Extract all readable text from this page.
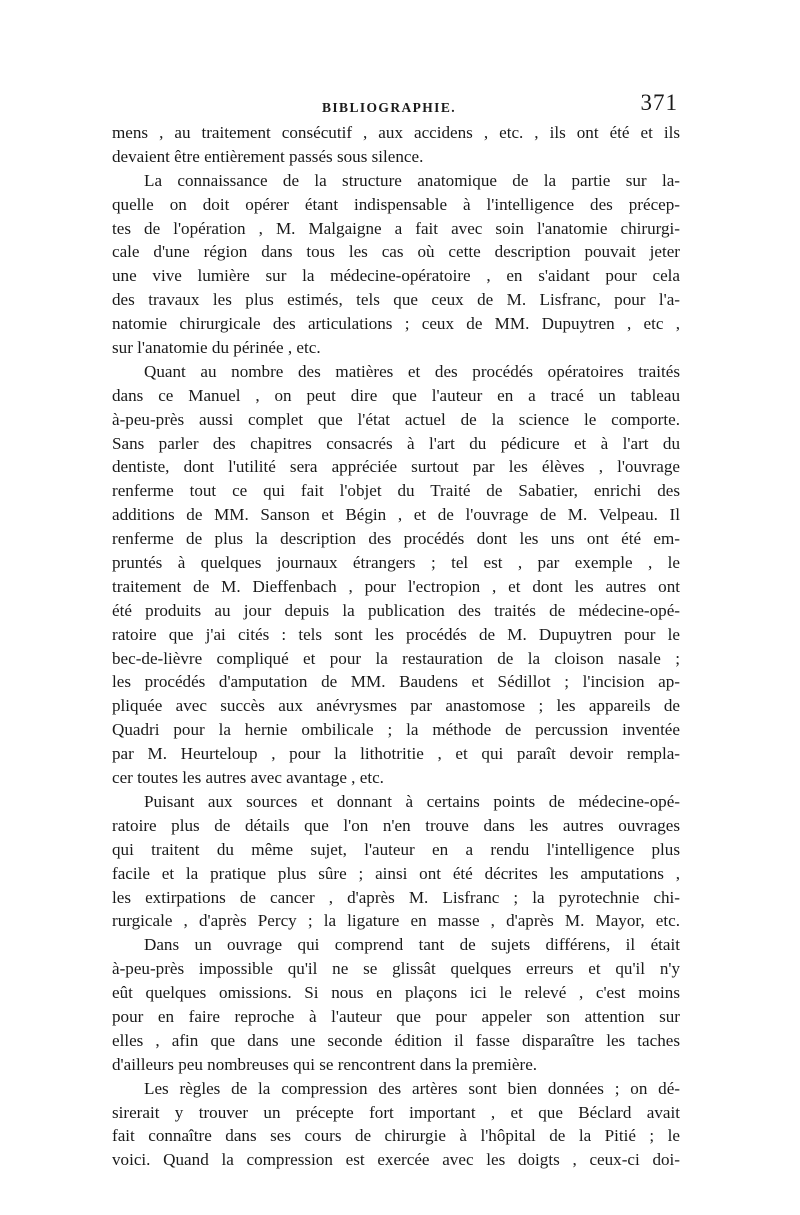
BIBLIOGRAPHIE.	371
mens , au traitement consécutif , aux accidens , etc. , ils ont été et ils
devaient être entièrement passés sous silence.
La connaissance de la structure anatomique de la partie sur la-
quelle on doit opérer étant indispensable à l'intelligence des précep-
tes de l'opération , M. Malgaigne a fait avec soin l'anatomie chirurgi-
cale d'une région dans tous les cas où cette description pouvait jeter
une vive lumière sur la médecine-opératoire , en s'aidant pour cela
des travaux les plus estimés, tels que ceux de M. Lisfranc, pour l'a-
natomie chirurgicale des articulations ; ceux de MM. Dupuytren , etc ,
sur l'anatomie du périnée , etc.
Quant au nombre des matières et des procédés opératoires traités
dans ce Manuel , on peut dire que l'auteur en a tracé un tableau
à-peu-près aussi complet que l'état actuel de la science le comporte.
Sans parler des chapitres consacrés à l'art du pédicure et à l'art du
dentiste, dont l'utilité sera appréciée surtout par les élèves , l'ouvrage
renferme tout ce qui fait l'objet du Traité de Sabatier, enrichi des
additions de MM. Sanson et Bégin , et de l'ouvrage de M. Velpeau. Il
renferme de plus la description des procédés dont les uns ont été em-
pruntés à quelques journaux étrangers ; tel est , par exemple , le
traitement de M. Dieffenbach , pour l'ectropion , et dont les autres ont
été produits au jour depuis la publication des traités de médecine-opé-
ratoire que j'ai cités : tels sont les procédés de M. Dupuytren pour le
bec-de-lièvre compliqué et pour la restauration de la cloison nasale ;
les procédés d'amputation de MM. Baudens et Sédillot ; l'incision ap-
pliquée avec succès aux anévrysmes par anastomose ; les appareils de
Quadri pour la hernie ombilicale ; la méthode de percussion inventée
par M. Heurteloup , pour la lithotritie , et qui paraît devoir rempla-
cer toutes les autres avec avantage , etc.
Puisant aux sources et donnant à certains points de médecine-opé-
ratoire plus de détails que l'on n'en trouve dans les autres ouvrages
qui traitent du même sujet, l'auteur en a rendu l'intelligence plus
facile et la pratique plus sûre ; ainsi ont été décrites les amputations ,
les extirpations de cancer , d'après M. Lisfranc ; la pyrotechnie chi-
rurgicale , d'après Percy ; la ligature en masse , d'après M. Mayor, etc.
Dans un ouvrage qui comprend tant de sujets différens, il était
à-peu-près impossible qu'il ne se glissât quelques erreurs et qu'il n'y
eût quelques omissions. Si nous en plaçons ici le relevé , c'est moins
pour en faire reproche à l'auteur que pour appeler son attention sur
elles , afin que dans une seconde édition il fasse disparaître les taches
d'ailleurs peu nombreuses qui se rencontrent dans la première.
Les règles de la compression des artères sont bien données ; on dé-
sirerait y trouver un précepte fort important , et que Béclard avait
fait connaître dans ses cours de chirurgie à l'hôpital de la Pitié ; le
voici. Quand la compression est exercée avec les doigts , ceux-ci doi-
